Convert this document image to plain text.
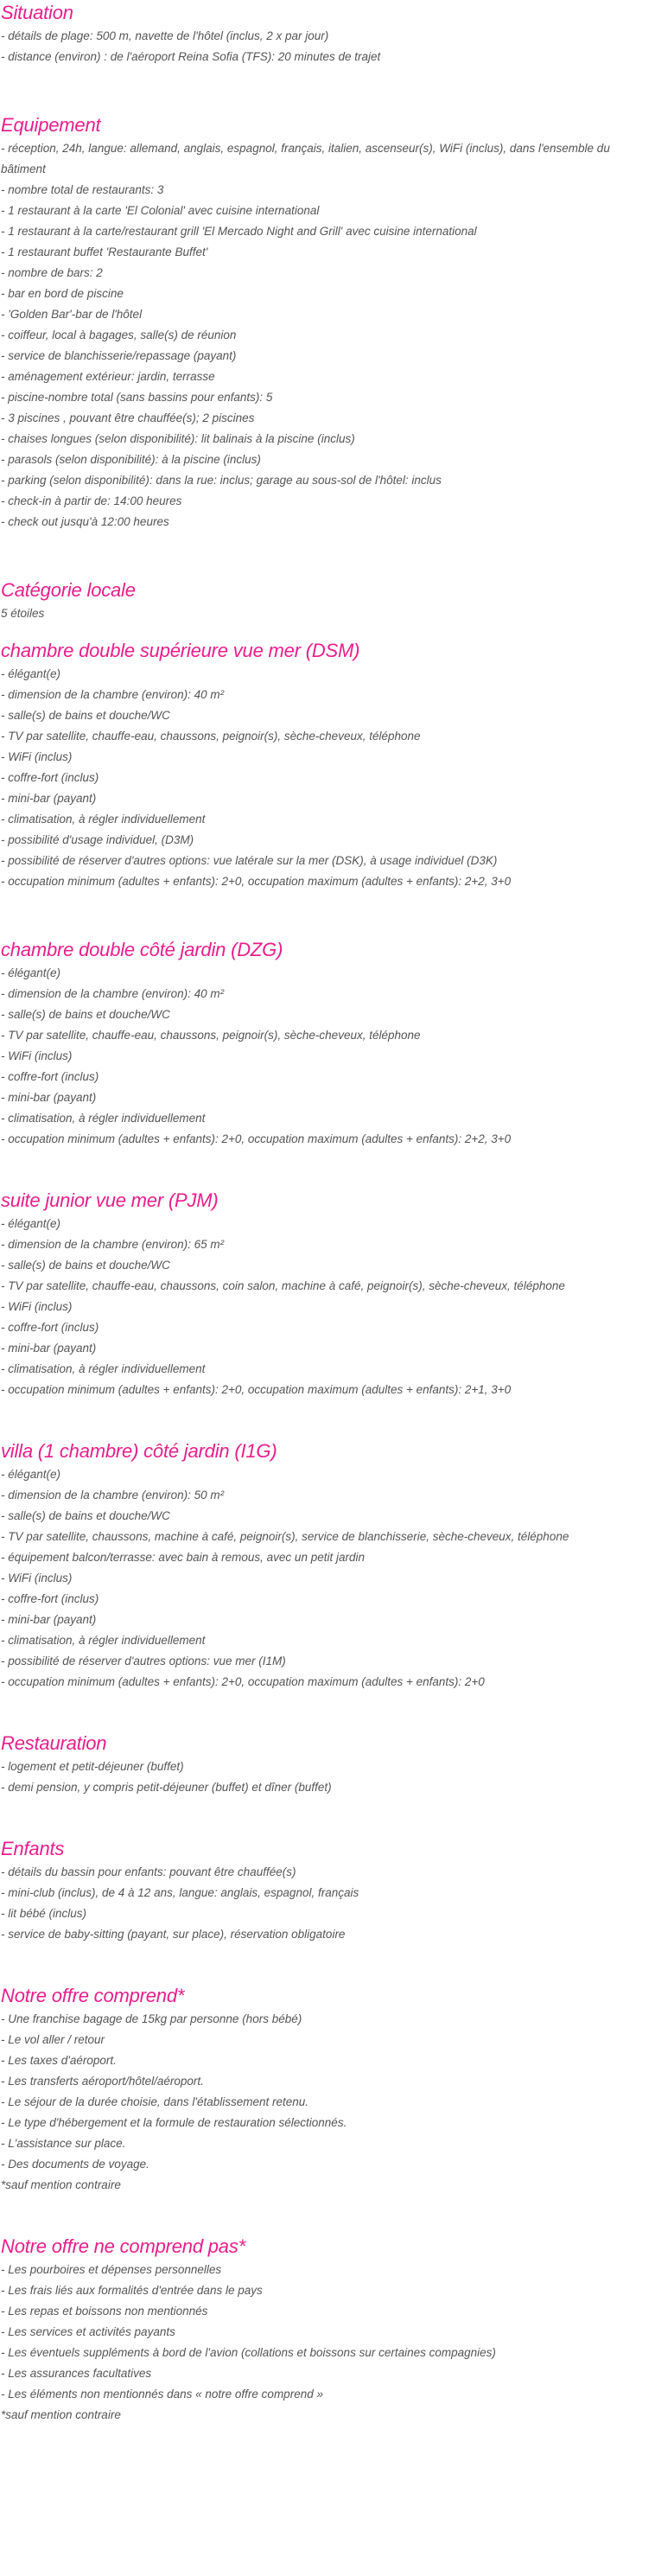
Situation
- détails de plage: 500 m, navette de l'hôtel (inclus, 2 x par jour)
- distance (environ) : de l'aéroport Reina Sofia (TFS): 20 minutes de trajet
Equipement
- réception, 24h, langue: allemand, anglais, espagnol, français, italien, ascenseur(s), WiFi (inclus), dans l'ensemble du bâtiment
- nombre total de restaurants: 3
- 1 restaurant à la carte 'El Colonial' avec cuisine international
- 1 restaurant à la carte/restaurant grill 'El Mercado Night and Grill' avec cuisine international
- 1 restaurant buffet 'Restaurante Buffet'
- nombre de bars: 2
- bar en bord de piscine
- 'Golden Bar'-bar de l'hôtel
- coiffeur, local à bagages, salle(s) de réunion
- service de blanchisserie/repassage (payant)
- aménagement extérieur: jardin, terrasse
- piscine-nombre total (sans bassins pour enfants): 5
- 3 piscines , pouvant être chauffée(s); 2 piscines
- chaises longues (selon disponibilité): lit balinais à la piscine (inclus)
- parasols (selon disponibilité): à la piscine (inclus)
- parking (selon disponibilité): dans la rue: inclus; garage au sous-sol de l'hôtel: inclus
- check-in à partir de: 14:00 heures
- check out jusqu'à 12:00 heures
Catégorie locale
5 étoiles
chambre double supérieure vue mer (DSM)
- élégant(e)
- dimension de la chambre (environ): 40 m²
- salle(s) de bains et douche/WC
- TV par satellite, chauffe-eau, chaussons, peignoir(s), sèche-cheveux, téléphone
- WiFi (inclus)
- coffre-fort (inclus)
- mini-bar (payant)
- climatisation, à régler individuellement
- possibilité d'usage individuel, (D3M)
- possibilité de réserver d'autres options: vue latérale sur la mer (DSK), à usage individuel (D3K)
- occupation minimum (adultes + enfants): 2+0, occupation maximum (adultes + enfants): 2+2, 3+0
chambre double côté jardin (DZG)
- élégant(e)
- dimension de la chambre (environ): 40 m²
- salle(s) de bains et douche/WC
- TV par satellite, chauffe-eau, chaussons, peignoir(s), sèche-cheveux, téléphone
- WiFi (inclus)
- coffre-fort (inclus)
- mini-bar (payant)
- climatisation, à régler individuellement
- occupation minimum (adultes + enfants): 2+0, occupation maximum (adultes + enfants): 2+2, 3+0
suite junior vue mer (PJM)
- élégant(e)
- dimension de la chambre (environ): 65 m²
- salle(s) de bains et douche/WC
- TV par satellite, chauffe-eau, chaussons, coin salon, machine à café, peignoir(s), sèche-cheveux, téléphone
- WiFi (inclus)
- coffre-fort (inclus)
- mini-bar (payant)
- climatisation, à régler individuellement
- occupation minimum (adultes + enfants): 2+0, occupation maximum (adultes + enfants): 2+1, 3+0
villa (1 chambre) côté jardin (I1G)
- élégant(e)
- dimension de la chambre (environ): 50 m²
- salle(s) de bains et douche/WC
- TV par satellite, chaussons, machine à café, peignoir(s), service de blanchisserie, sèche-cheveux, téléphone
- équipement balcon/terrasse: avec bain à remous, avec un petit jardin
- WiFi (inclus)
- coffre-fort (inclus)
- mini-bar (payant)
- climatisation, à régler individuellement
- possibilité de réserver d'autres options: vue mer (I1M)
- occupation minimum (adultes + enfants): 2+0, occupation maximum (adultes + enfants): 2+0
Restauration
- logement et petit-déjeuner (buffet)
- demi pension, y compris petit-déjeuner (buffet) et dîner (buffet)
Enfants
- détails du bassin pour enfants: pouvant être chauffée(s)
- mini-club (inclus), de 4 à 12 ans, langue: anglais, espagnol, français
- lit bébé (inclus)
- service de baby-sitting (payant, sur place), réservation obligatoire
Notre offre comprend*
- Une franchise bagage de 15kg par personne (hors bébé)
- Le vol aller / retour
- Les taxes d'aéroport.
- Les transferts aéroport/hôtel/aéroport.
- Le séjour de la durée choisie, dans l'établissement retenu.
- Le type d'hébergement et la formule de restauration sélectionnés.
- L'assistance sur place.
- Des documents de voyage.
*sauf mention contraire
Notre offre ne comprend pas*
- Les pourboires et dépenses personnelles
- Les frais liés aux formalités d'entrée dans le pays
- Les repas et boissons non mentionnés
- Les services et activités payants
- Les éventuels suppléments à bord de l'avion (collations et boissons sur certaines compagnies)
- Les assurances facultatives
- Les éléments non mentionnés dans « notre offre comprend »
*sauf mention contraire
